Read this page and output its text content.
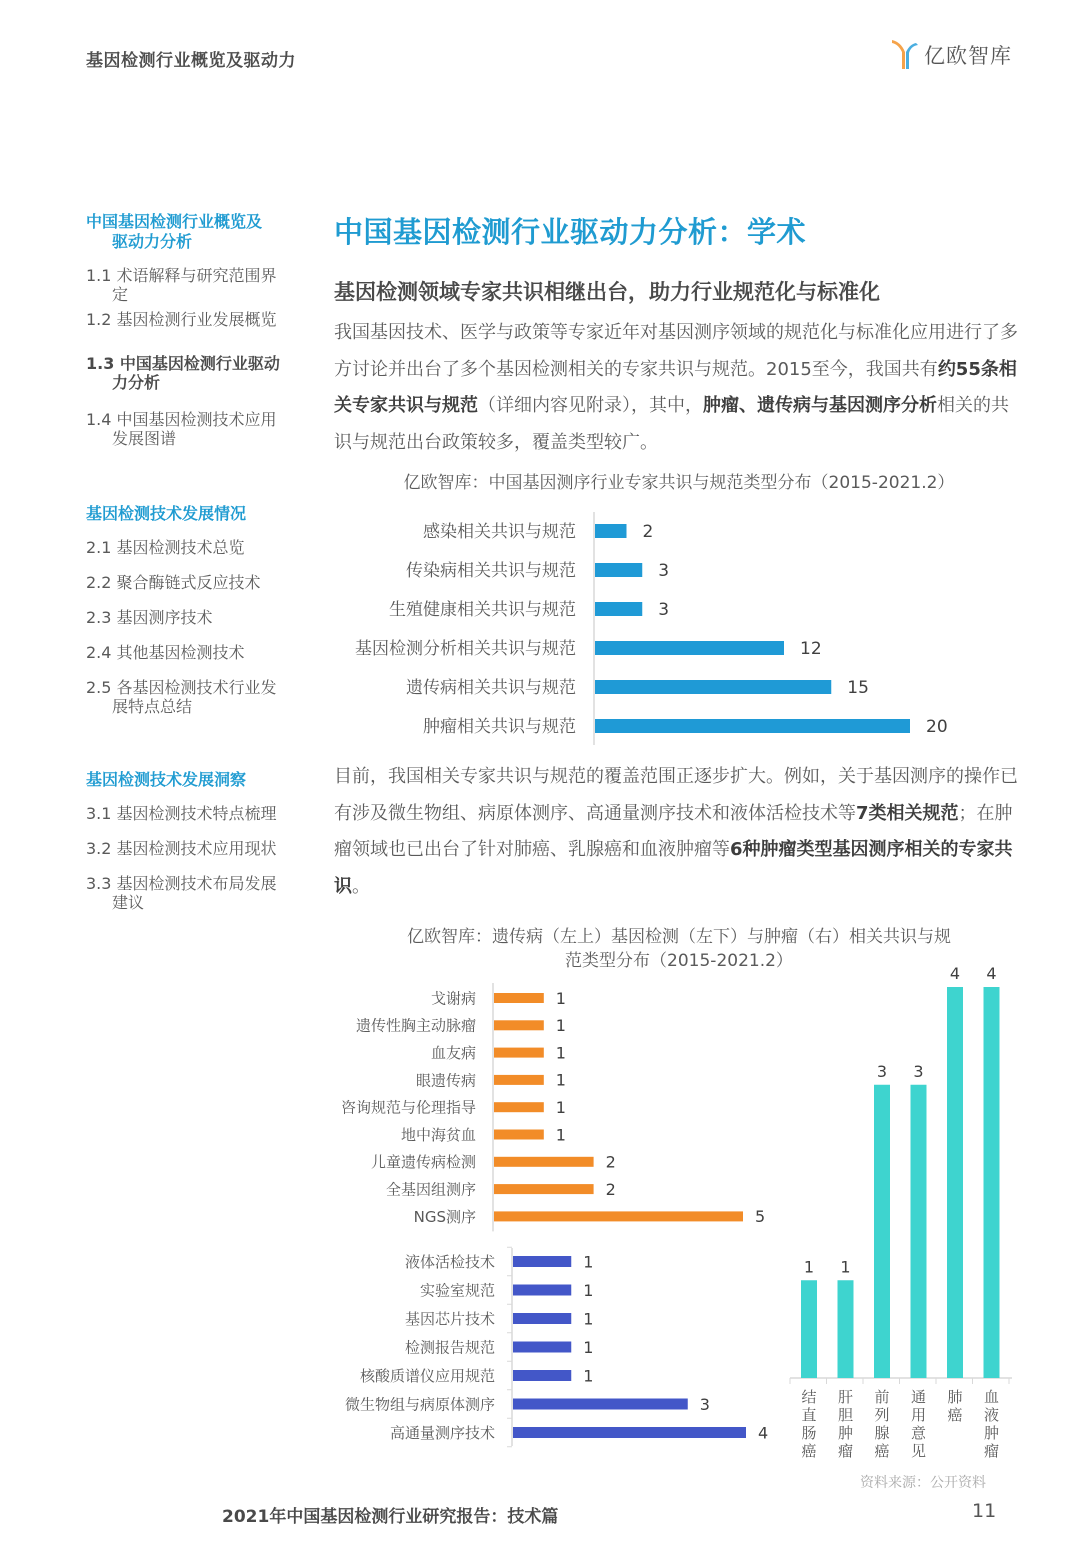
基因检测行业概览及驱动力	亿欧智库
中国基因检测行业概览及
驱动力分析
1.1 术语解释与研究范围界
定
1.2 基因检测行业发展概览
1.3 中国基因检测行业驱动
力分析
1.4 中国基因检测技术应用
发展图谱
基因检测技术发展情况
2.1 基因检测技术总览
2.2 聚合酶链式反应技术
2.3 基因测序技术
2.4 其他基因检测技术
2.5 各基因检测技术行业发
展特点总结
基因检测技术发展洞察
3.1 基因检测技术特点梳理
3.2 基因检测技术应用现状
3.3 基因检测技术布局发展
建议
中国基因检测行业驱动力分析：学术
基因检测领域专家共识相继出台，助力行业规范化与标准化
我国基因技术、医学与政策等专家近年对基因测序领域的规范化与标准化应用进行了多方讨论并出台了多个基因检测相关的专家共识与规范。2015至今，我国共有约55条相关专家共识与规范（详细内容见附录），其中，肿瘤、遗传病与基因测序分析相关的共识与规范出台政策较多，覆盖类型较广。
亿欧智库：中国基因测序行业专家共识与规范类型分布（2015-2021.2）
感染相关共识与规范	2
传染病相关共识与规范	3
生殖健康相关共识与规范	3
基因检测分析相关共识与规范	12
遗传病相关共识与规范	15
肿瘤相关共识与规范	20
目前，我国相关专家共识与规范的覆盖范围正逐步扩大。例如，关于基因测序的操作已有涉及微生物组、病原体测序、高通量测序技术和液体活检技术等7类相关规范；在肿瘤领域也已出台了针对肺癌、乳腺癌和血液肿瘤等6种肿瘤类型基因测序相关的专家共识。
亿欧智库：遗传病（左上）基因检测（左下）与肿瘤（右）相关共识与规
范类型分布（2015-2021.2）
戈谢病	1
遗传性胸主动脉瘤	1
血友病	1
眼遗传病	1
咨询规范与伦理指导	1
地中海贫血	1
儿童遗传病检测	2
全基因组测序	2
NGS测序	5
液体活检技术	1
实验室规范	1
基因芯片技术	1
检测报告规范	1
核酸质谱仪应用规范	1
微生物组与病原体测序	3
高通量测序技术	4
1
结直肠癌
1
肝胆肿瘤
3
前列腺癌
3
通用意见
4
肺癌
4
血液肿瘤
资料来源：公开资料
2021年中国基因检测行业研究报告：技术篇	11
